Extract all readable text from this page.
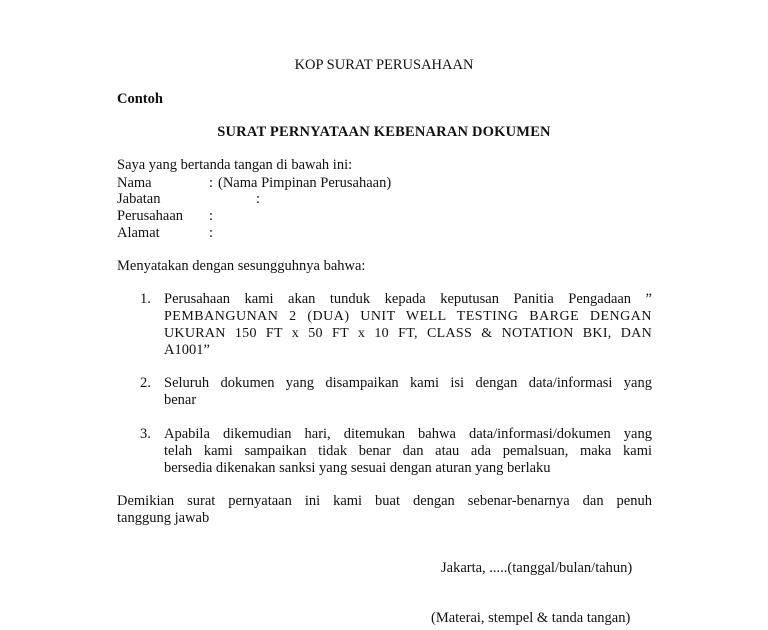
KOP SURAT PERUSAHAAN
Contoh
SURAT PERNYATAAN KEBENARAN DOKUMEN
Saya yang bertanda tangan di bawah ini:
Nama	: (Nama Pimpinan Perusahaan)
Jabatan	:
Perusahaan :
Alamat	:
Menyatakan dengan sesungguhnya bahwa:
1. Perusahaan kami akan tunduk kepada keputusan Panitia Pengadaan ”
PEMBANGUNAN 2 (DUA) UNIT WELL TESTING BARGE DENGAN
UKURAN 150 FT x 50 FT x 10 FT, CLASS & NOTATION BKI, DAN
A1001”
2. Seluruh dokumen yang disampaikan kami isi dengan data/informasi yang
benar
3. Apabila dikemudian hari, ditemukan bahwa data/informasi/dokumen yang
telah kami sampaikan tidak benar dan atau ada pemalsuan, maka kami
bersedia dikenakan sanksi yang sesuai dengan aturan yang berlaku
Demikian surat pernyataan ini kami buat dengan sebenar-benarnya dan penuh
tanggung jawab
Jakarta, .....(tanggal/bulan/tahun)
(Materai, stempel & tanda tangan)
